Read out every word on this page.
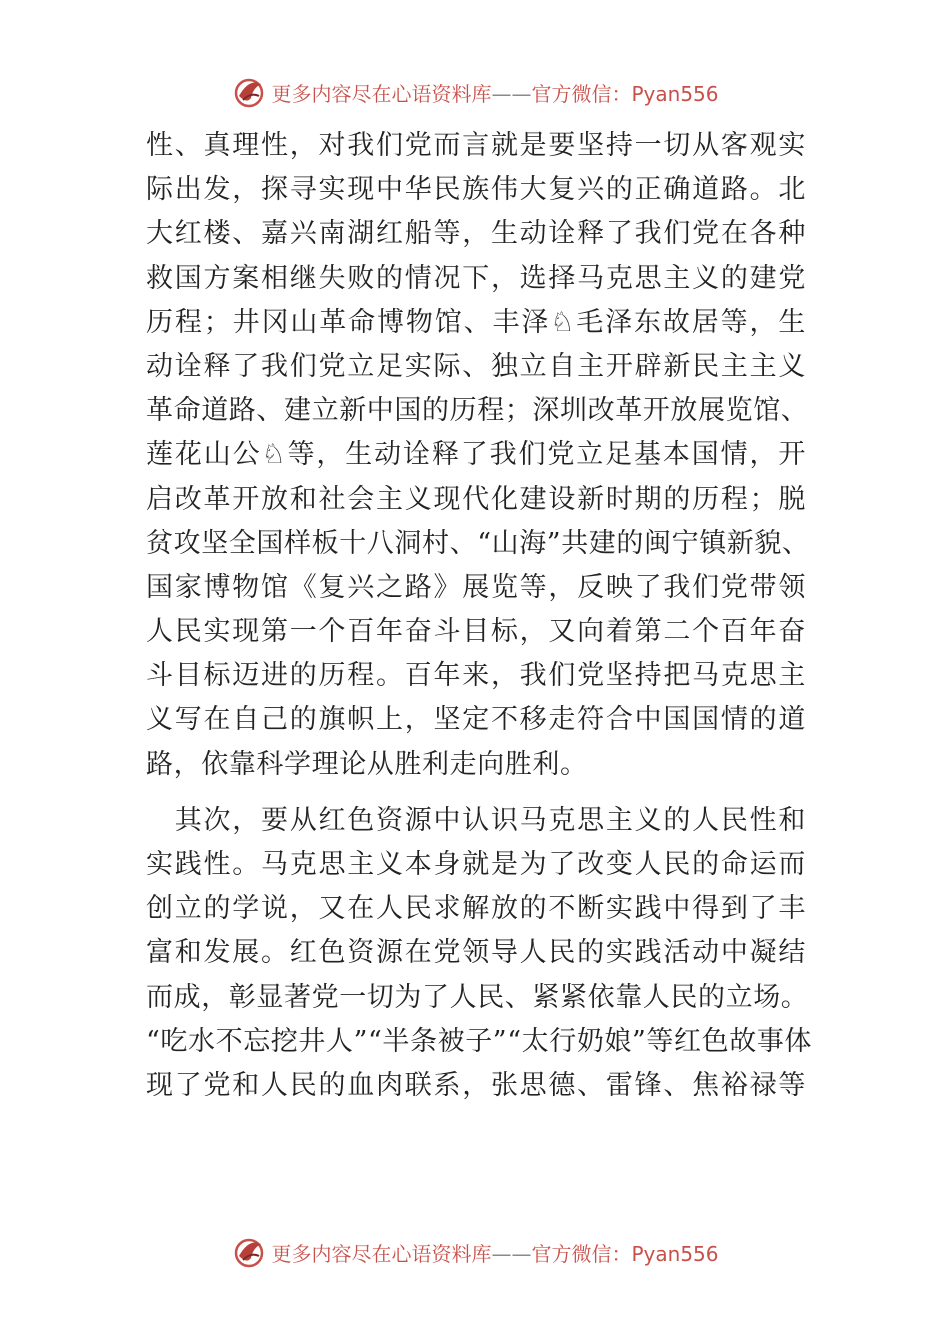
更多内容尽在心语资料库——官方微信：Pyan556
性、真理性，对我们党而言就是要坚持一切从客观实
际出发，探寻实现中华民族伟大复兴的正确道路。北
大红楼、嘉兴南湖红船等，生动诠释了我们党在各种
救国方案相继失败的情况下，选择马克思主义的建党
历程；井冈山革命博物馆、丰泽♘毛泽东故居等，生
动诠释了我们党立足实际、独立自主开辟新民主主义
革命道路、建立新中国的历程；深圳改革开放展览馆、
莲花山公♘等，生动诠释了我们党立足基本国情，开
启改革开放和社会主义现代化建设新时期的历程；脱
贫攻坚全国样板十八洞村、“山海”共建的闽宁镇新貌、
国家博物馆《复兴之路》展览等，反映了我们党带领
人民实现第一个百年奋斗目标，又向着第二个百年奋
斗目标迈进的历程。百年来，我们党坚持把马克思主
义写在自己的旗帜上，坚定不移走符合中国国情的道
路，依靠科学理论从胜利走向胜利。
　其次，要从红色资源中认识马克思主义的人民性和
实践性。马克思主义本身就是为了改变人民的命运而
创立的学说，又在人民求解放的不断实践中得到了丰
富和发展。红色资源在党领导人民的实践活动中凝结
而成，彰显著党一切为了人民、紧紧依靠人民的立场。
“吃水不忘挖井人”“半条被子”“太行奶娘”等红色故事体
现了党和人民的血肉联系，张思德、雷锋、焦裕禄等
更多内容尽在心语资料库——官方微信：Pyan556
